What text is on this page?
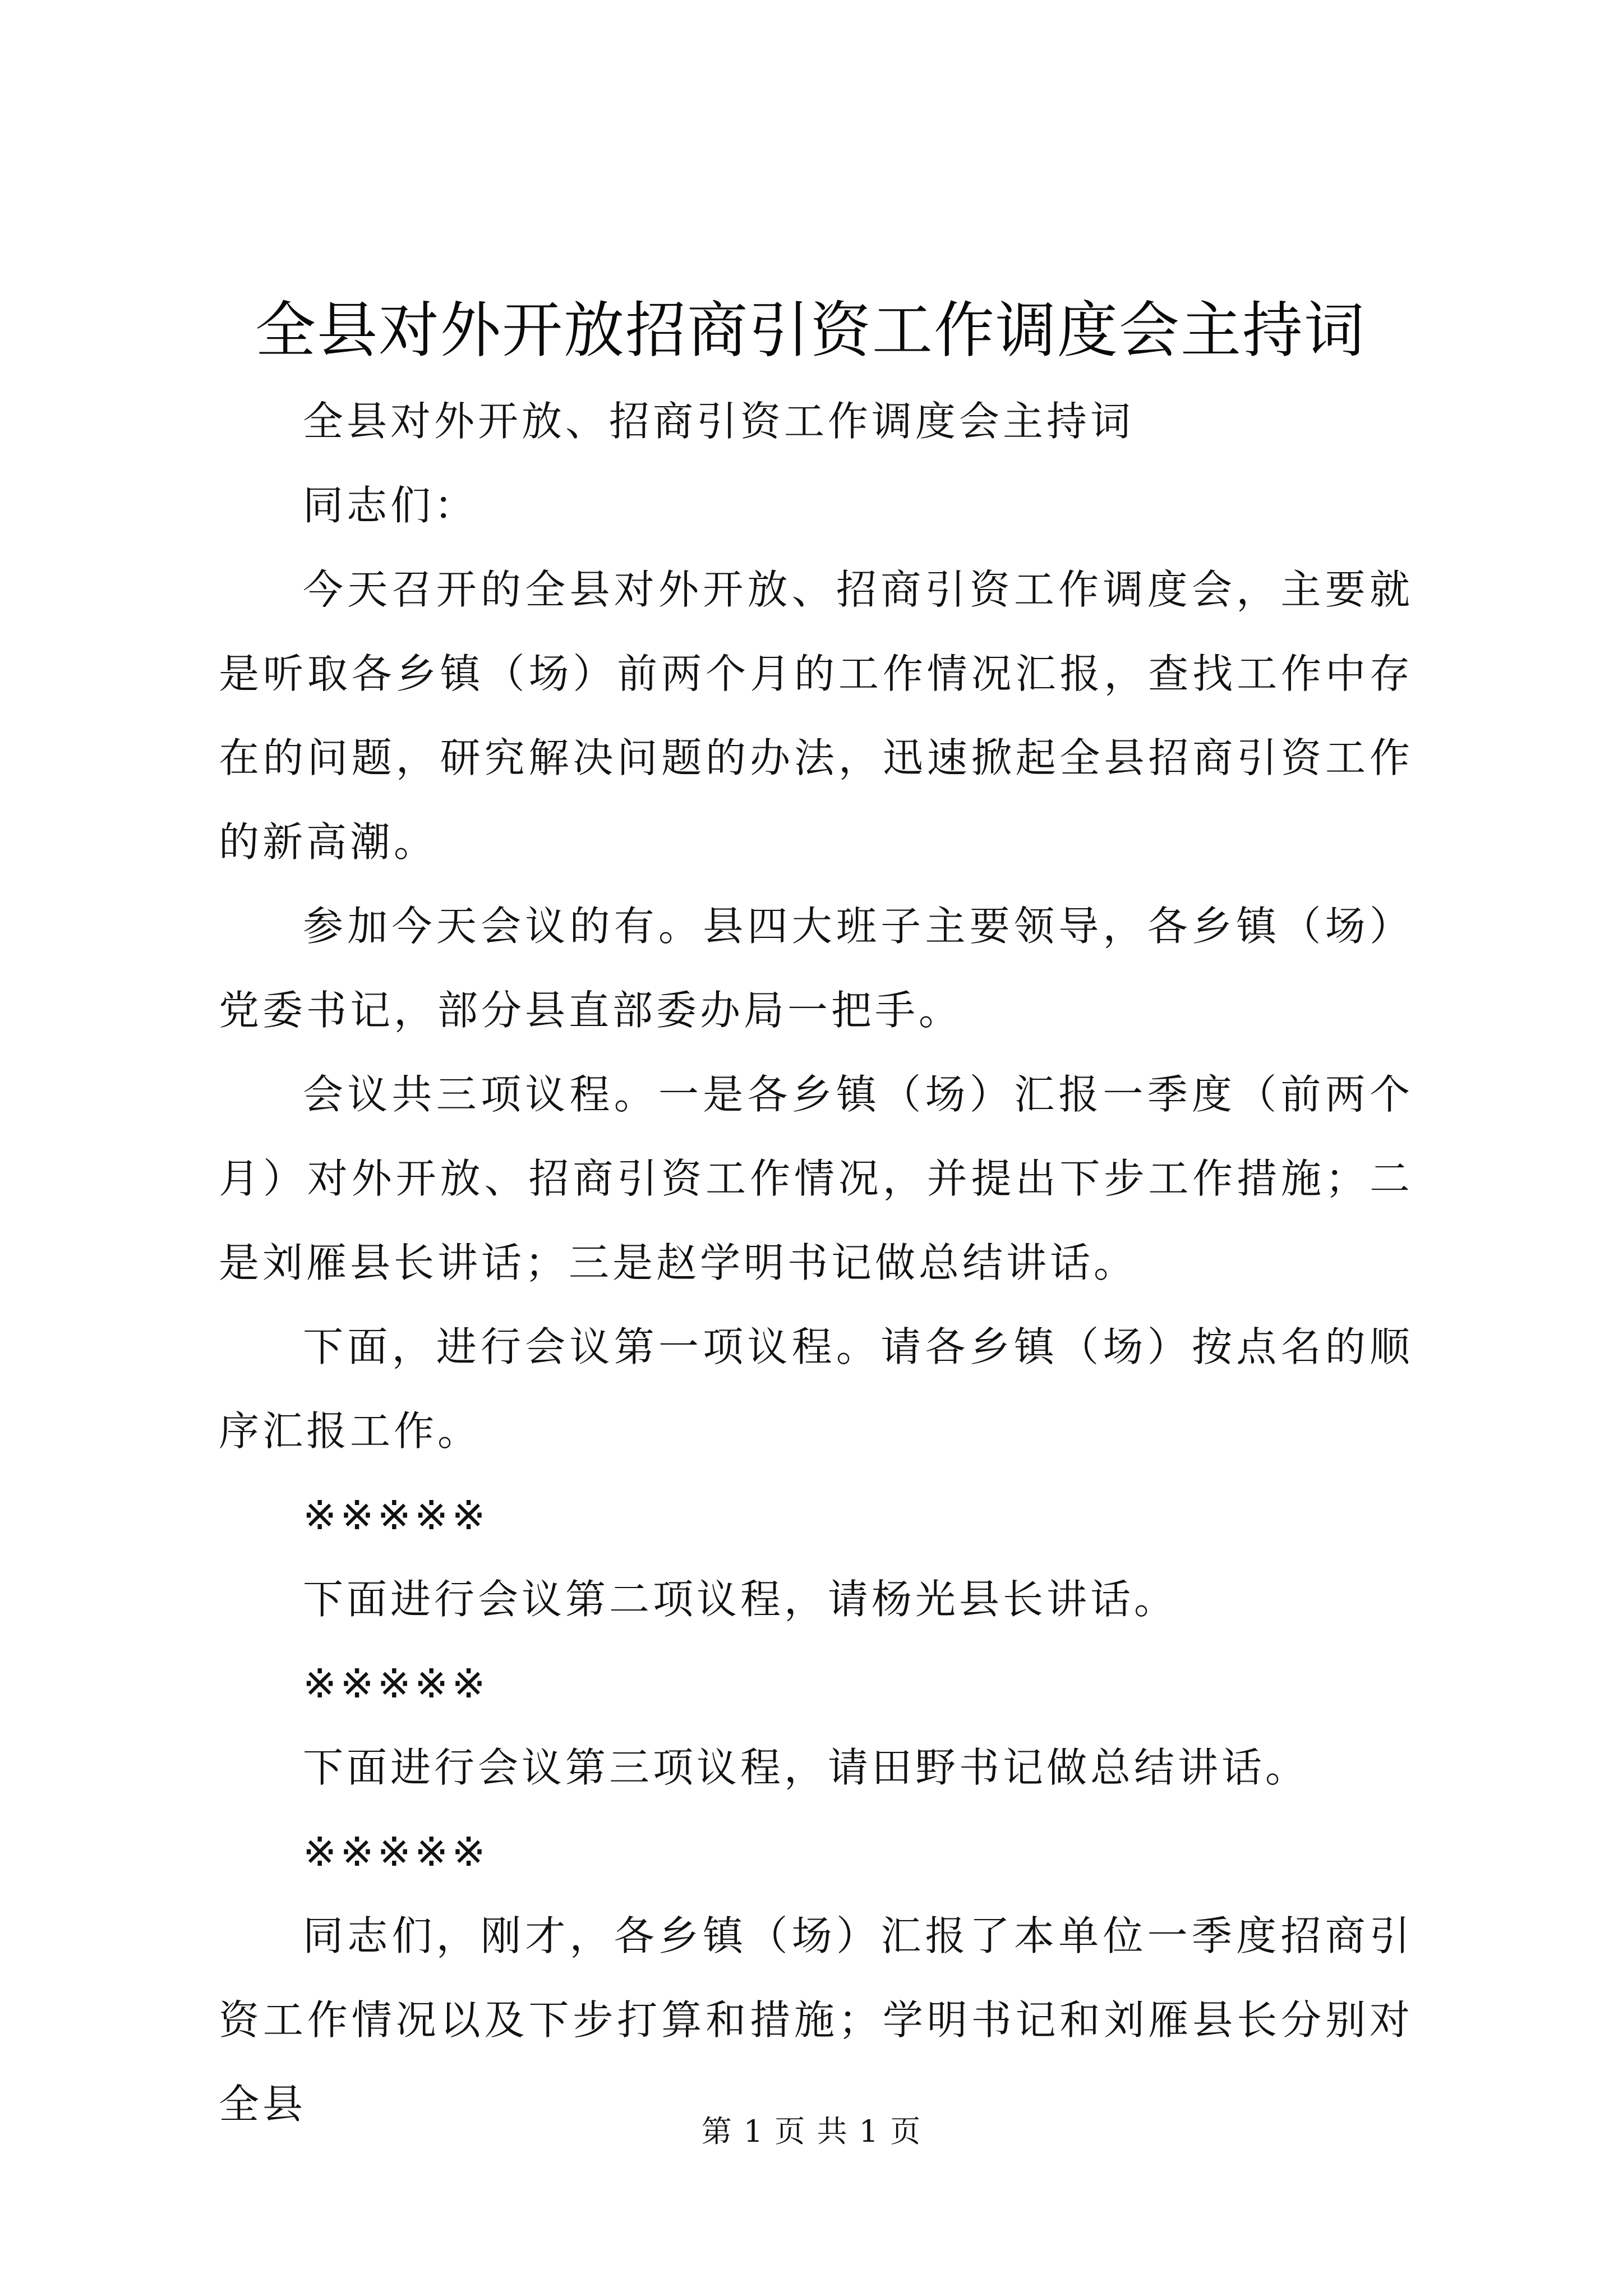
全县对外开放招商引资工作调度会主持词

全县对外开放、招商引资工作调度会主持词

同志们：

今天召开的全县对外开放、招商引资工作调度会，主要就是听取各乡镇（场）前两个月的工作情况汇报，查找工作中存在的问题，研究解决问题的办法，迅速掀起全县招商引资工作的新高潮。

参加今天会议的有。县四大班子主要领导，各乡镇（场）党委书记，部分县直部委办局一把手。

会议共三项议程。一是各乡镇（场）汇报一季度（前两个月）对外开放、招商引资工作情况，并提出下步工作措施；二是刘雁县长讲话；三是赵学明书记做总结讲话。

下面，进行会议第一项议程。请各乡镇（场）按点名的顺序汇报工作。

※※※※※

下面进行会议第二项议程，请杨光县长讲话。

※※※※※

下面进行会议第三项议程，请田野书记做总结讲话。

※※※※※

同志们，刚才，各乡镇（场）汇报了本单位一季度招商引资工作情况以及下步打算和措施；学明书记和刘雁县长分别对全县

第 1 页 共 1 页
